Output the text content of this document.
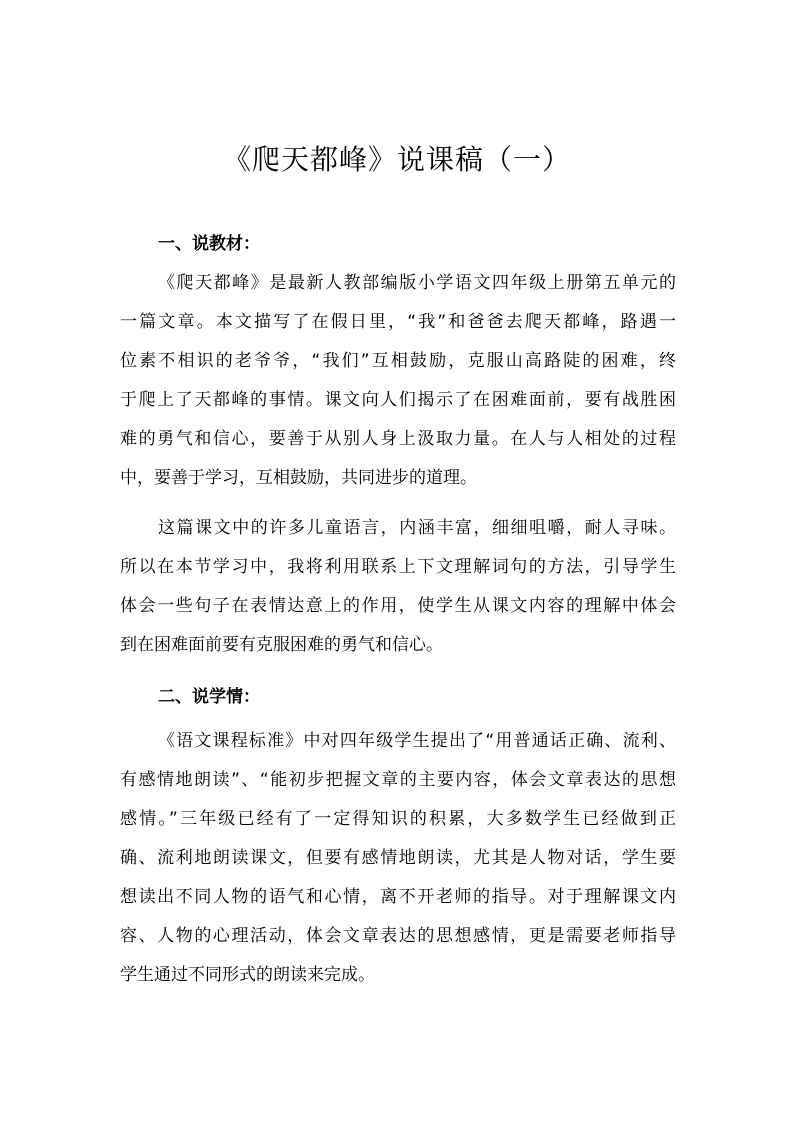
《爬天都峰》说课稿（一）
一、说教材：
《爬天都峰》是最新人教部编版小学语文四年级上册第五单元的
一篇文章。本文描写了在假日里，“我”和爸爸去爬天都峰，路遇一
位素不相识的老爷爷，“我们”互相鼓励，克服山高路陡的困难，终
于爬上了天都峰的事情。课文向人们揭示了在困难面前，要有战胜困
难的勇气和信心，要善于从别人身上汲取力量。在人与人相处的过程
中，要善于学习，互相鼓励，共同进步的道理。
这篇课文中的许多儿童语言，内涵丰富，细细咀嚼，耐人寻味。
所以在本节学习中，我将利用联系上下文理解词句的方法，引导学生
体会一些句子在表情达意上的作用，使学生从课文内容的理解中体会
到在困难面前要有克服困难的勇气和信心。
二、说学情：
《语文课程标准》中对四年级学生提出了“用普通话正确、流利、
有感情地朗读”、“能初步把握文章的主要内容，体会文章表达的思想
感情。”三年级已经有了一定得知识的积累，大多数学生已经做到正
确、流利地朗读课文，但要有感情地朗读，尤其是人物对话，学生要
想读出不同人物的语气和心情，离不开老师的指导。对于理解课文内
容、人物的心理活动，体会文章表达的思想感情，更是需要老师指导
学生通过不同形式的朗读来完成。
